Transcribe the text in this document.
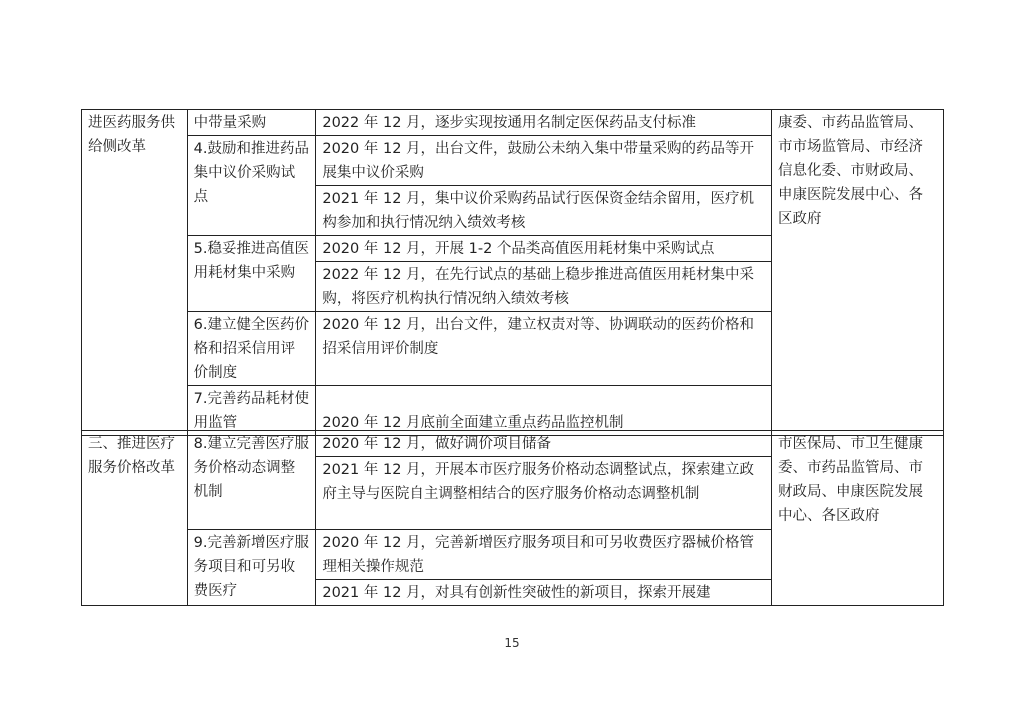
进医药服务供给侧改革	中带量采购	2022 年 12 月，逐步实现按通用名制定医保药品支付标准	康委、市药品监管局、市市场监管局、市经济信息化委、市财政局、申康医院发展中心、各区政府
	4.鼓励和推进药品集中议价采购试点	2020 年 12 月，出台文件，鼓励公未纳入集中带量采购的药品等开展集中议价采购	
		2021 年 12 月，集中议价采购药品试行医保资金结余留用，医疗机构参加和执行情况纳入绩效考核	
	5.稳妥推进高值医用耗材集中采购	2020 年 12 月，开展 1-2 个品类高值医用耗材集中采购试点	
		2022 年 12 月，在先行试点的基础上稳步推进高值医用耗材集中采购，将医疗机构执行情况纳入绩效考核	
	6.建立健全医药价格和招采信用评价制度	2020 年 12 月，出台文件，建立权责对等、协调联动的医药价格和招采信用评价制度	
	7.完善药品耗材使用监管	2020 年 12 月底前全面建立重点药品监控机制	
三、推进医疗服务价格改革	8.建立完善医疗服务价格动态调整机制	2020 年 12 月，做好调价项目储备	市医保局、市卫生健康委、市药品监管局、市财政局、申康医院发展中心、各区政府
		2021 年 12 月，开展本市医疗服务价格动态调整试点，探索建立政府主导与医院自主调整相结合的医疗服务价格动态调整机制	
	9.完善新增医疗服务项目和可另收费医疗	2020 年 12 月，完善新增医疗服务项目和可另收费医疗器械价格管理相关操作规范	
		2021 年 12 月，对具有创新性突破性的新项目，探索开展建	
15
